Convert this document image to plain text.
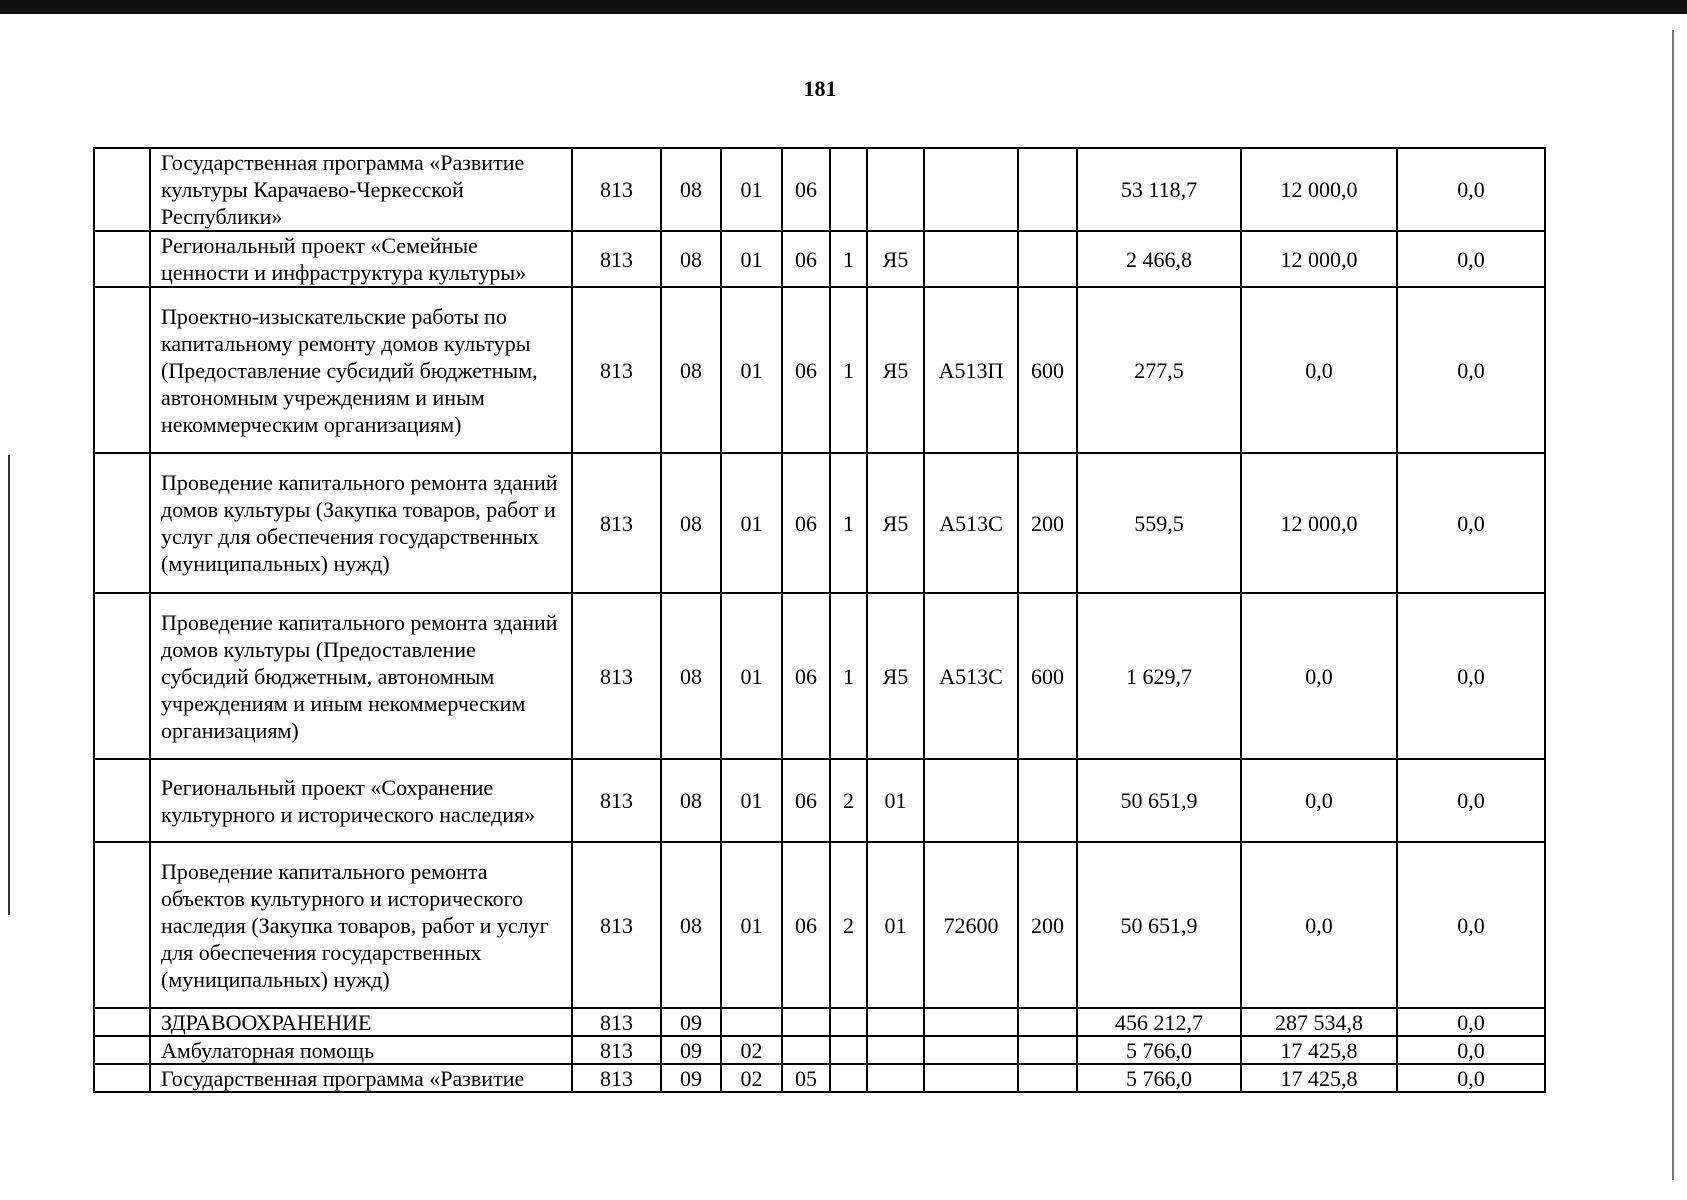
181
	Государственная программа «Развитие культуры Карачаево-Черкесской Республики»	813	08	01	06					53 118,7	12 000,0	0,0
	Региональный проект «Семейные ценности и инфраструктура культуры»	813	08	01	06	1	Я5			2 466,8	12 000,0	0,0
	Проектно-изыскательские работы по капитальному ремонту домов культуры (Предоставление субсидий бюджетным, автономным учреждениям и иным некоммерческим организациям)	813	08	01	06	1	Я5	А513П	600	277,5	0,0	0,0
	Проведение капитального ремонта зданий домов культуры (Закупка товаров, работ и услуг для обеспечения государственных (муниципальных) нужд)	813	08	01	06	1	Я5	А513С	200	559,5	12 000,0	0,0
	Проведение капитального ремонта зданий домов культуры (Предоставление субсидий бюджетным, автономным учреждениям и иным некоммерческим организациям)	813	08	01	06	1	Я5	А513С	600	1 629,7	0,0	0,0
	Региональный проект «Сохранение культурного и исторического наследия»	813	08	01	06	2	01			50 651,9	0,0	0,0
	Проведение капитального ремонта объектов культурного и исторического наследия (Закупка товаров, работ и услуг для обеспечения государственных (муниципальных) нужд)	813	08	01	06	2	01	72600	200	50 651,9	0,0	0,0
	ЗДРАВООХРАНЕНИЕ	813	09							456 212,7	287 534,8	0,0
	Амбулаторная помощь	813	09	02						5 766,0	17 425,8	0,0
	Государственная программа «Развитие	813	09	02	05					5 766,0	17 425,8	0,0
